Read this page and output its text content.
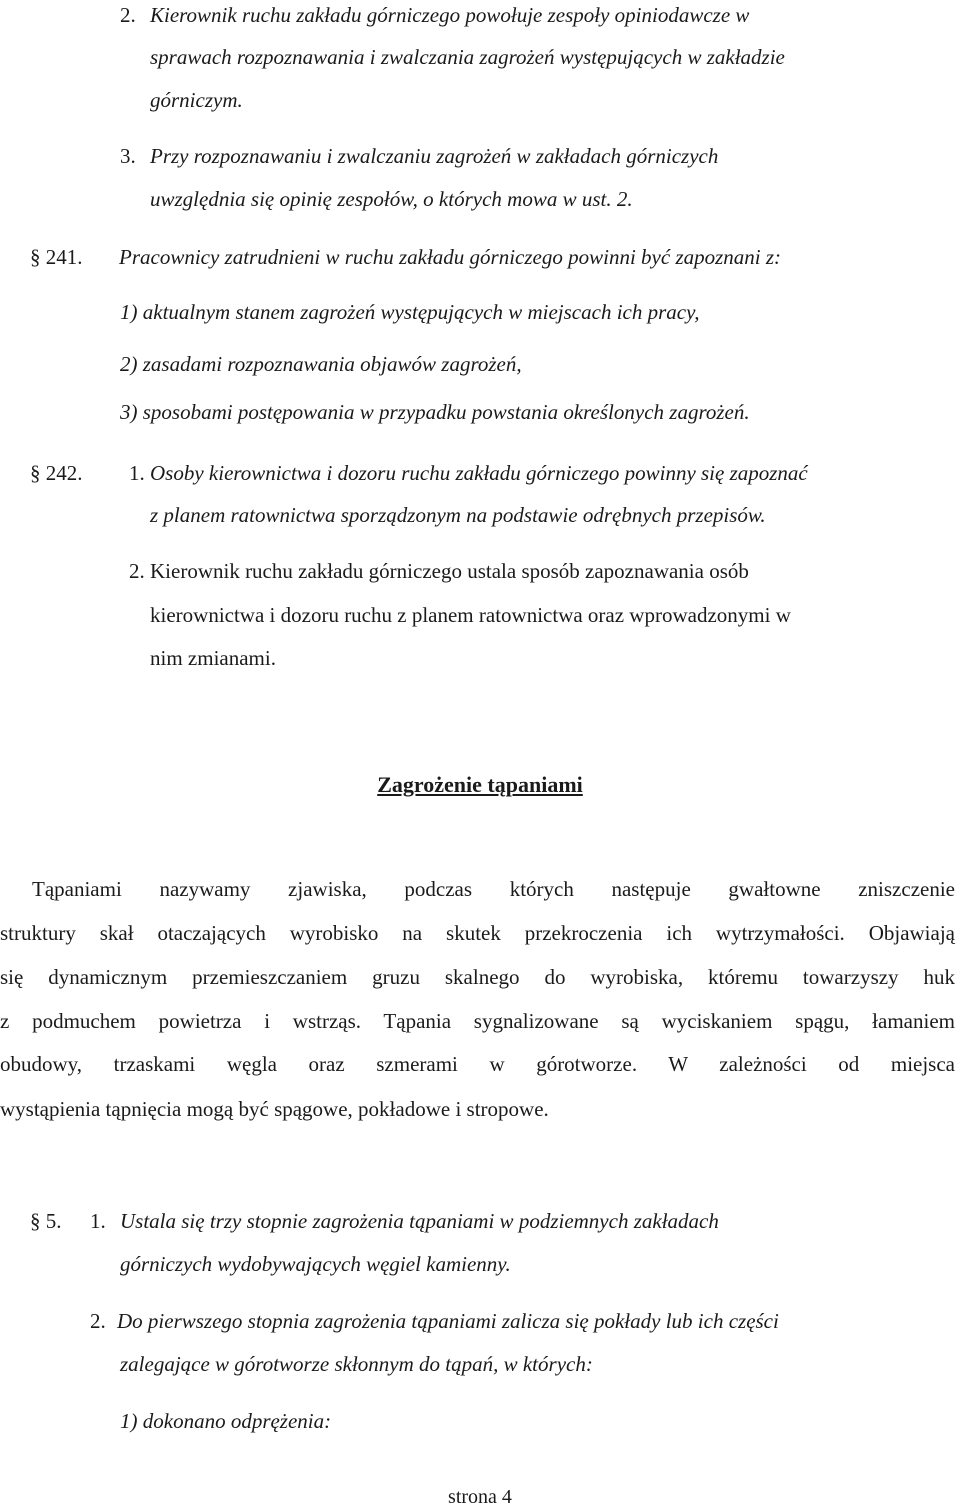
2. Kierownik ruchu zakładu górniczego powołuje zespoły opiniodawcze w
sprawach rozpoznawania i zwalczania zagrożeń występujących w zakładzie
górniczym.
3. Przy rozpoznawaniu i zwalczaniu zagrożeń w zakładach górniczych
uwzględnia się opinię zespołów, o których mowa w ust. 2.
§ 241. Pracownicy zatrudnieni w ruchu zakładu górniczego powinni być zapoznani z:
1) aktualnym stanem zagrożeń występujących w miejscach ich pracy,
2) zasadami rozpoznawania objawów zagrożeń,
3) sposobami postępowania w przypadku powstania określonych zagrożeń.
§ 242. 1. Osoby kierownictwa i dozoru ruchu zakładu górniczego powinny się zapoznać
z planem ratownictwa sporządzonym na podstawie odrębnych przepisów.
2. Kierownik ruchu zakładu górniczego ustala sposób zapoznawania osób
kierownictwa i dozoru ruchu z planem ratownictwa oraz wprowadzonymi w
nim zmianami.
Zagrożenie tąpaniami
Tąpaniami nazywamy zjawiska, podczas których następuje gwałtowne zniszczenie
struktury skał otaczających wyrobisko na skutek przekroczenia ich wytrzymałości. Objawiają
się dynamicznym przemieszczaniem gruzu skalnego do wyrobiska, któremu towarzyszy huk
z podmuchem powietrza i wstrząs. Tąpania sygnalizowane są wyciskaniem spągu, łamaniem
obudowy, trzaskami węgla oraz szmerami w górotworze. W zależności od miejsca
wystąpienia tąpnięcia mogą być spągowe, pokładowe i stropowe.
§ 5. 1. Ustala się trzy stopnie zagrożenia tąpaniami w podziemnych zakładach
górniczych wydobywających węgiel kamienny.
2. Do pierwszego stopnia zagrożenia tąpaniami zalicza się pokłady lub ich części
zalegające w górotworze skłonnym do tąpań, w których:
1) dokonano odprężenia:
strona 4
